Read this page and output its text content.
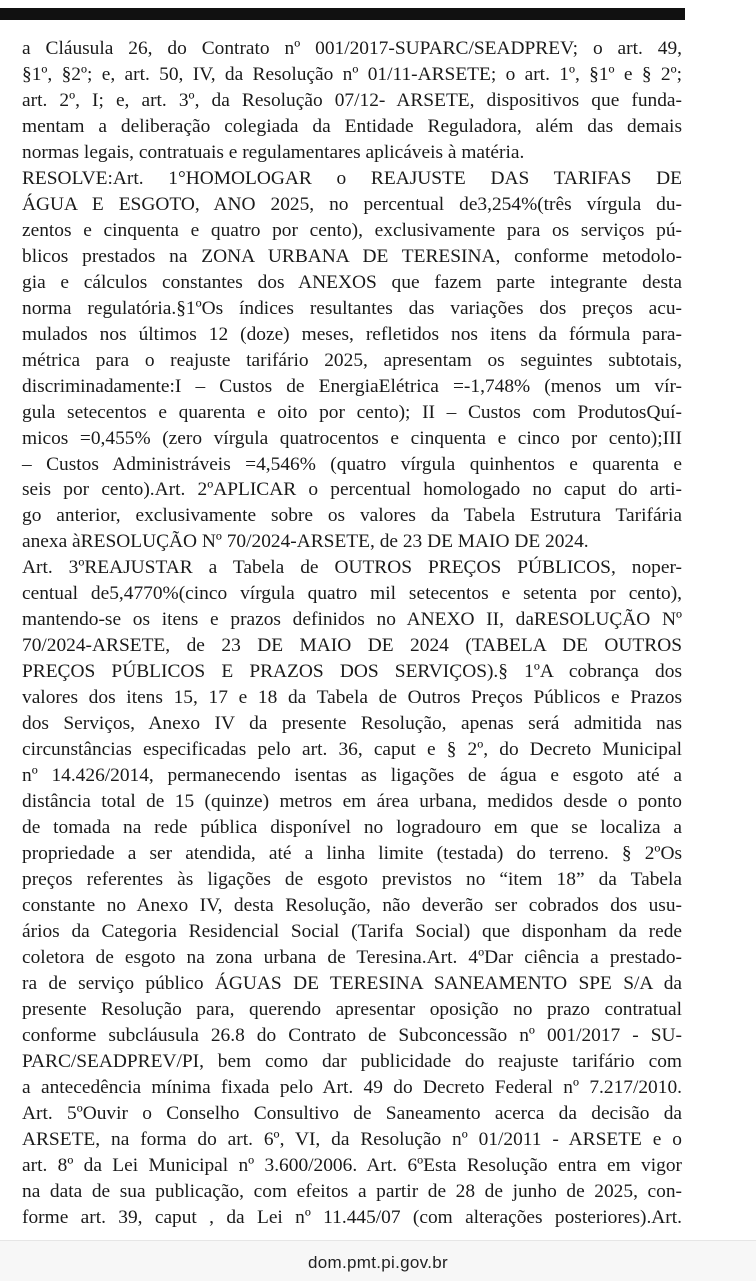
a Cláusula 26, do Contrato nº 001/2017-SUPARC/SEADPREV; o art. 49,
§1º, §2º; e, art. 50, IV, da Resolução nº 01/11-ARSETE; o art. 1º, §1º e § 2º;
art. 2º, I; e, art. 3º, da Resolução 07/12- ARSETE, dispositivos que funda-
mentam a deliberação colegiada da Entidade Reguladora, além das demais
normas legais, contratuais e regulamentares aplicáveis à matéria.
RESOLVE:Art. 1°HOMOLOGAR o REAJUSTE DAS TARIFAS DE
ÁGUA E ESGOTO, ANO 2025, no percentual de3,254%(três vírgula du-
zentos e cinquenta e quatro por cento), exclusivamente para os serviços pú-
blicos prestados na ZONA URBANA DE TERESINA, conforme metodolo-
gia e cálculos constantes dos ANEXOS que fazem parte integrante desta
norma regulatória.§1ºOs índices resultantes das variações dos preços acu-
mulados nos últimos 12 (doze) meses, refletidos nos itens da fórmula para-
métrica para o reajuste tarifário 2025, apresentam os seguintes subtotais,
discriminadamente:I – Custos de EnergiaElétrica =-1,748% (menos um vír-
gula setecentos e quarenta e oito por cento); II – Custos com ProdutosQuí-
micos =0,455% (zero vírgula quatrocentos e cinquenta e cinco por cento);III
– Custos Administráveis =4,546% (quatro vírgula quinhentos e quarenta e
seis por cento).Art. 2ºAPLICAR o percentual homologado no caput do arti-
go anterior, exclusivamente sobre os valores da Tabela Estrutura Tarifária
anexa àRESOLUÇÃO Nº 70/2024-ARSETE, de 23 DE MAIO DE 2024.
Art. 3ºREAJUSTAR a Tabela de OUTROS PREÇOS PÚBLICOS, noper-
centual de5,4770%(cinco vírgula quatro mil setecentos e setenta por cento),
mantendo-se os itens e prazos definidos no ANEXO II, daRESOLUÇÃO Nº
70/2024-ARSETE, de 23 DE MAIO DE 2024 (TABELA DE OUTROS
PREÇOS PÚBLICOS E PRAZOS DOS SERVIÇOS).§ 1ºA cobrança dos
valores dos itens 15, 17 e 18 da Tabela de Outros Preços Públicos e Prazos
dos Serviços, Anexo IV da presente Resolução, apenas será admitida nas
circunstâncias especificadas pelo art. 36, caput e § 2º, do Decreto Municipal
nº 14.426/2014, permanecendo isentas as ligações de água e esgoto até a
distância total de 15 (quinze) metros em área urbana, medidos desde o ponto
de tomada na rede pública disponível no logradouro em que se localiza a
propriedade a ser atendida, até a linha limite (testada) do terreno. § 2ºOs
preços referentes às ligações de esgoto previstos no “item 18” da Tabela
constante no Anexo IV, desta Resolução, não deverão ser cobrados dos usu-
ários da Categoria Residencial Social (Tarifa Social) que disponham da rede
coletora de esgoto na zona urbana de Teresina.Art. 4ºDar ciência a prestado-
ra de serviço público ÁGUAS DE TERESINA SANEAMENTO SPE S/A da
presente Resolução para, querendo apresentar oposição no prazo contratual
conforme subcláusula 26.8 do Contrato de Subconcessão nº 001/2017 - SU-
PARC/SEADPREV/PI, bem como dar publicidade do reajuste tarifário com
a antecedência mínima fixada pelo Art. 49 do Decreto Federal nº 7.217/2010.
Art. 5ºOuvir o Conselho Consultivo de Saneamento acerca da decisão da
ARSETE, na forma do art. 6º, VI, da Resolução nº 01/2011 - ARSETE e o
art. 8º da Lei Municipal nº 3.600/2006. Art. 6ºEsta Resolução entra em vigor
na data de sua publicação, com efeitos a partir de 28 de junho de 2025, con-
forme art. 39, caput , da Lei nº 11.445/07 (com alterações posteriores).Art.
dom.pmt.pi.gov.br
